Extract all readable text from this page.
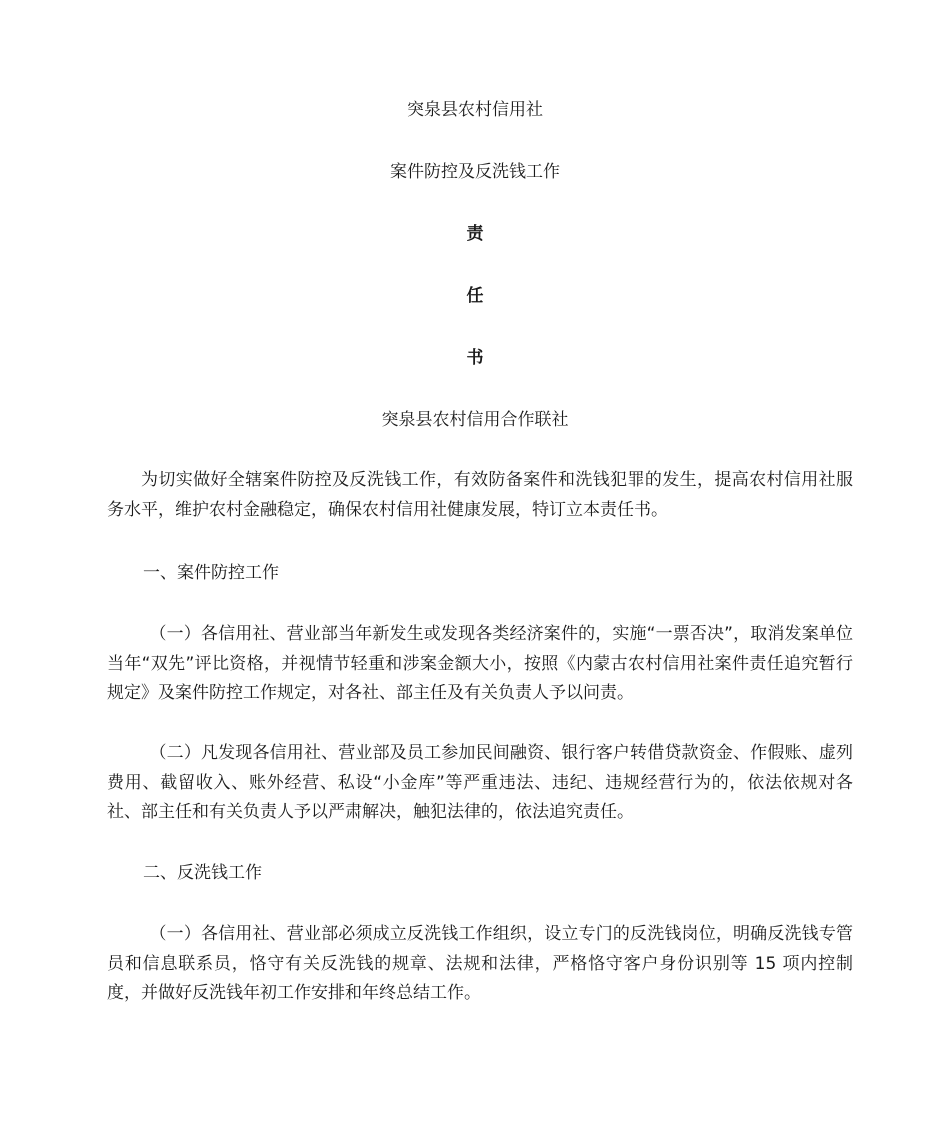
突泉县农村信用社

案件防控及反洗钱工作

责

任

书

突泉县农村信用合作联社

为切实做好全辖案件防控及反洗钱工作，有效防备案件和洗钱犯罪的发生，提高农村信用社服务水平，维护农村金融稳定，确保农村信用社健康发展，特订立本责任书。

一、案件防控工作

（一）各信用社、营业部当年新发生或发现各类经济案件的，实施“一票否决”，取消发案单位当年“双先”评比资格，并视情节轻重和涉案金额大小，按照《内蒙古农村信用社案件责任追究暂行规定》及案件防控工作规定，对各社、部主任及有关负责人予以问责。

（二）凡发现各信用社、营业部及员工参加民间融资、银行客户转借贷款资金、作假账、虚列费用、截留收入、账外经营、私设“小金库”等严重违法、违纪、违规经营行为的，依法依规对各社、部主任和有关负责人予以严肃解决，触犯法律的，依法追究责任。

二、反洗钱工作

（一）各信用社、营业部必须成立反洗钱工作组织，设立专门的反洗钱岗位，明确反洗钱专管员和信息联系员，恪守有关反洗钱的规章、法规和法律，严格恪守客户身份识别等 15 项内控制度，并做好反洗钱年初工作安排和年终总结工作。
